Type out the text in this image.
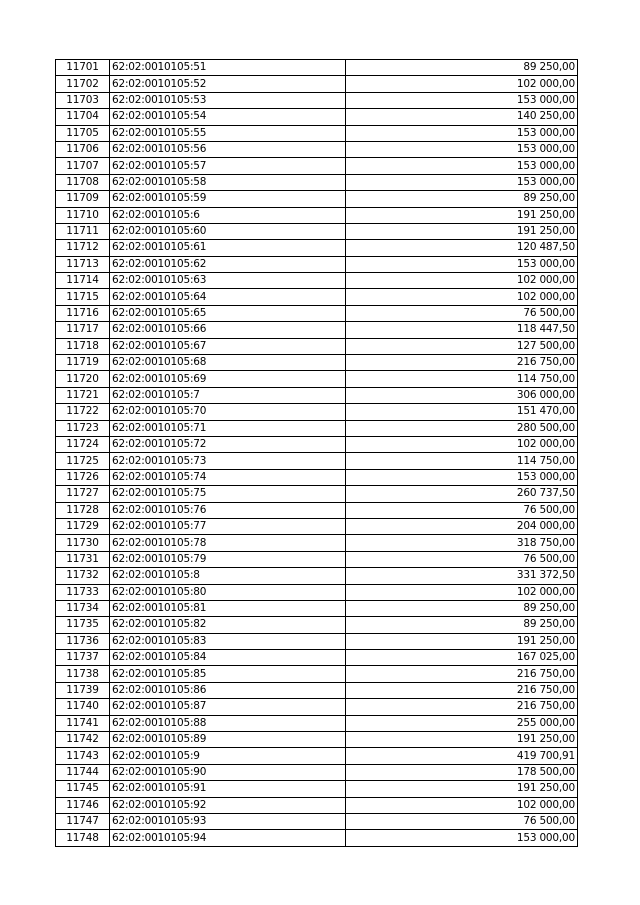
11701	62:02:0010105:51	89 250,00
11702	62:02:0010105:52	102 000,00
11703	62:02:0010105:53	153 000,00
11704	62:02:0010105:54	140 250,00
11705	62:02:0010105:55	153 000,00
11706	62:02:0010105:56	153 000,00
11707	62:02:0010105:57	153 000,00
11708	62:02:0010105:58	153 000,00
11709	62:02:0010105:59	89 250,00
11710	62:02:0010105:6	191 250,00
11711	62:02:0010105:60	191 250,00
11712	62:02:0010105:61	120 487,50
11713	62:02:0010105:62	153 000,00
11714	62:02:0010105:63	102 000,00
11715	62:02:0010105:64	102 000,00
11716	62:02:0010105:65	76 500,00
11717	62:02:0010105:66	118 447,50
11718	62:02:0010105:67	127 500,00
11719	62:02:0010105:68	216 750,00
11720	62:02:0010105:69	114 750,00
11721	62:02:0010105:7	306 000,00
11722	62:02:0010105:70	151 470,00
11723	62:02:0010105:71	280 500,00
11724	62:02:0010105:72	102 000,00
11725	62:02:0010105:73	114 750,00
11726	62:02:0010105:74	153 000,00
11727	62:02:0010105:75	260 737,50
11728	62:02:0010105:76	76 500,00
11729	62:02:0010105:77	204 000,00
11730	62:02:0010105:78	318 750,00
11731	62:02:0010105:79	76 500,00
11732	62:02:0010105:8	331 372,50
11733	62:02:0010105:80	102 000,00
11734	62:02:0010105:81	89 250,00
11735	62:02:0010105:82	89 250,00
11736	62:02:0010105:83	191 250,00
11737	62:02:0010105:84	167 025,00
11738	62:02:0010105:85	216 750,00
11739	62:02:0010105:86	216 750,00
11740	62:02:0010105:87	216 750,00
11741	62:02:0010105:88	255 000,00
11742	62:02:0010105:89	191 250,00
11743	62:02:0010105:9	419 700,91
11744	62:02:0010105:90	178 500,00
11745	62:02:0010105:91	191 250,00
11746	62:02:0010105:92	102 000,00
11747	62:02:0010105:93	76 500,00
11748	62:02:0010105:94	153 000,00
